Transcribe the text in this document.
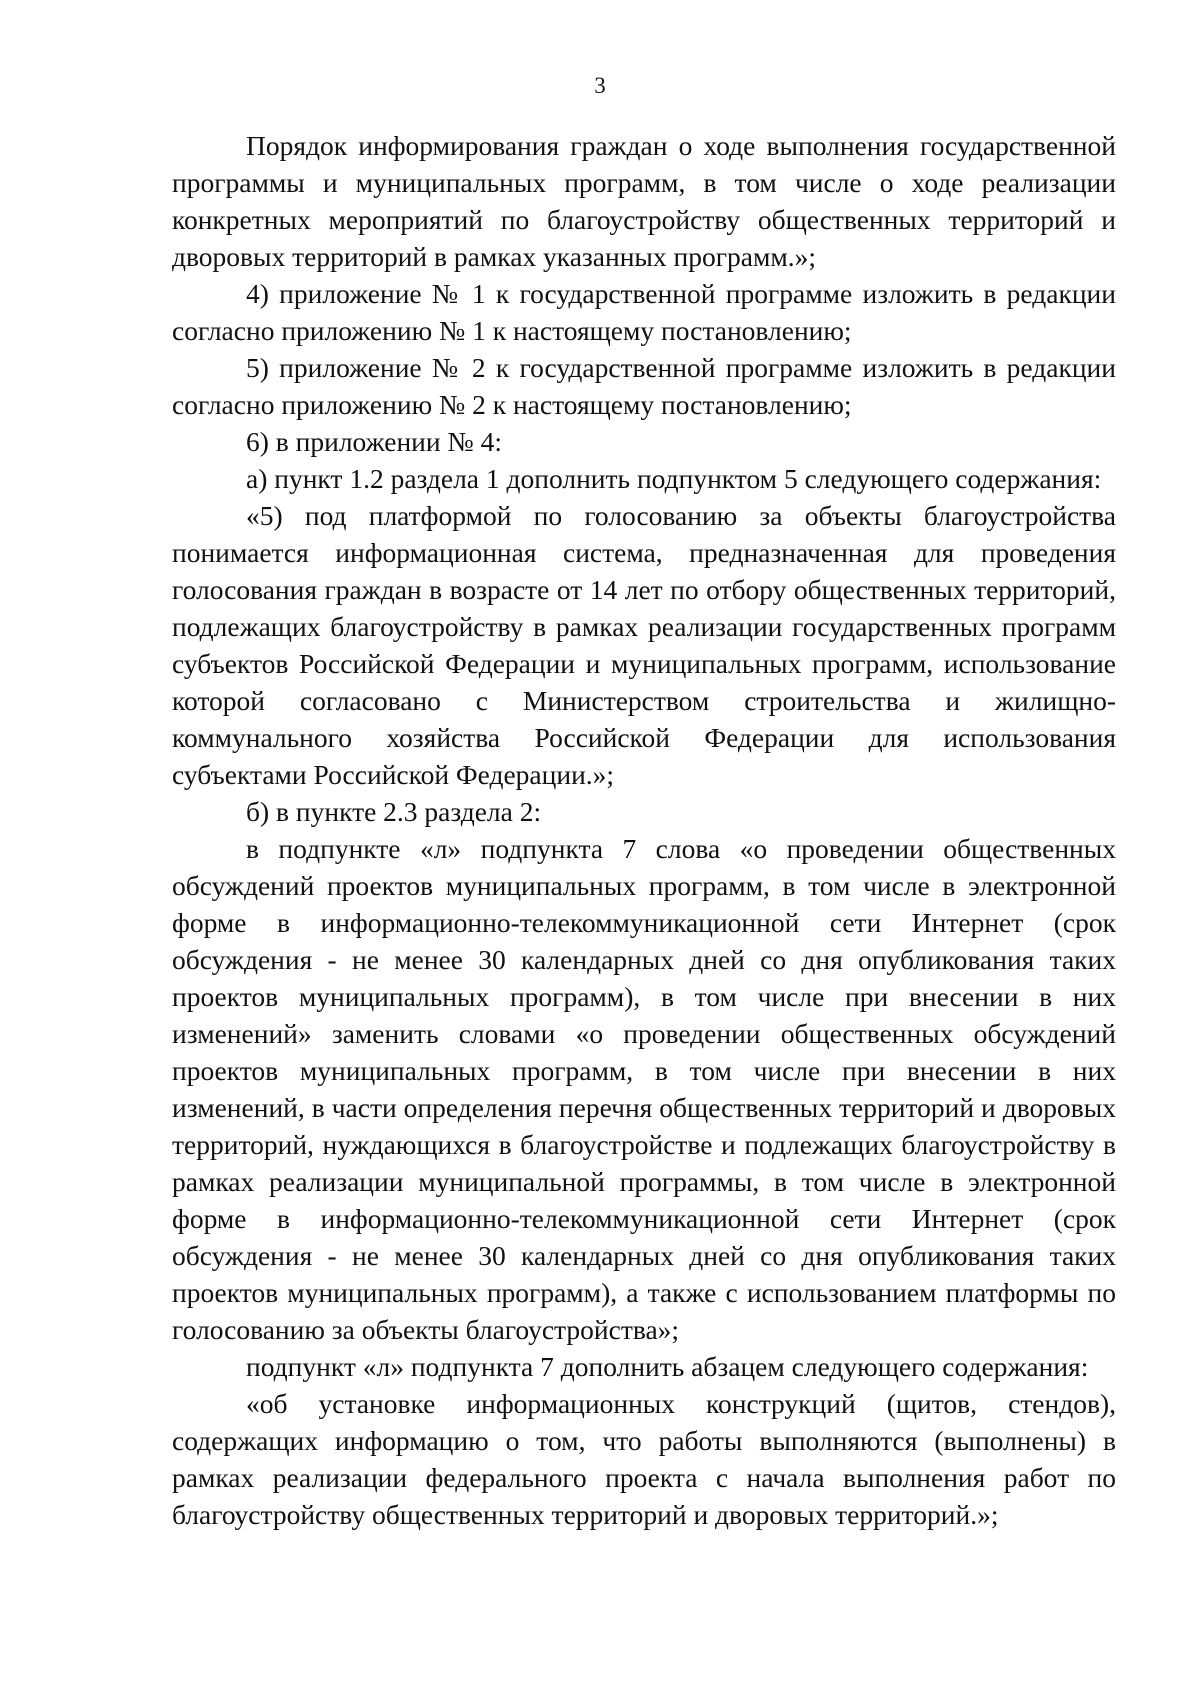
3

Порядок информирования граждан о ходе выполнения государственной программы и муниципальных программ, в том числе о ходе реализации конкретных мероприятий по благоустройству общественных территорий и дворовых территорий в рамках указанных программ.»;

4) приложение № 1 к государственной программе изложить в редакции согласно приложению № 1 к настоящему постановлению;

5) приложение № 2 к государственной программе изложить в редакции согласно приложению № 2 к настоящему постановлению;

6) в приложении № 4:

а) пункт 1.2 раздела 1 дополнить подпунктом 5 следующего содержания:

«5) под платформой по голосованию за объекты благоустройства понимается информационная система, предназначенная для проведения голосования граждан в возрасте от 14 лет по отбору общественных территорий, подлежащих благоустройству в рамках реализации государственных программ субъектов Российской Федерации и муниципальных программ, использование которой согласовано с Министерством строительства и жилищно-коммунального хозяйства Российской Федерации для использования субъектами Российской Федерации.»;

б) в пункте 2.3 раздела 2:

в подпункте «л» подпункта 7 слова «о проведении общественных обсуждений проектов муниципальных программ, в том числе в электронной форме в информационно-телекоммуникационной сети Интернет (срок обсуждения - не менее 30 календарных дней со дня опубликования таких проектов муниципальных программ), в том числе при внесении в них изменений» заменить словами «о проведении общественных обсуждений проектов муниципальных программ, в том числе при внесении в них изменений, в части определения перечня общественных территорий и дворовых территорий, нуждающихся в благоустройстве и подлежащих благоустройству в рамках реализации муниципальной программы, в том числе в электронной форме в информационно-телекоммуникационной сети Интернет (срок обсуждения - не менее 30 календарных дней со дня опубликования таких проектов муниципальных программ), а также с использованием платформы по голосованию за объекты благоустройства»;

подпункт «л» подпункта 7 дополнить абзацем следующего содержания:

«об установке информационных конструкций (щитов, стендов), содержащих информацию о том, что работы выполняются (выполнены) в рамках реализации федерального проекта с начала выполнения работ по благоустройству общественных территорий и дворовых территорий.»;
